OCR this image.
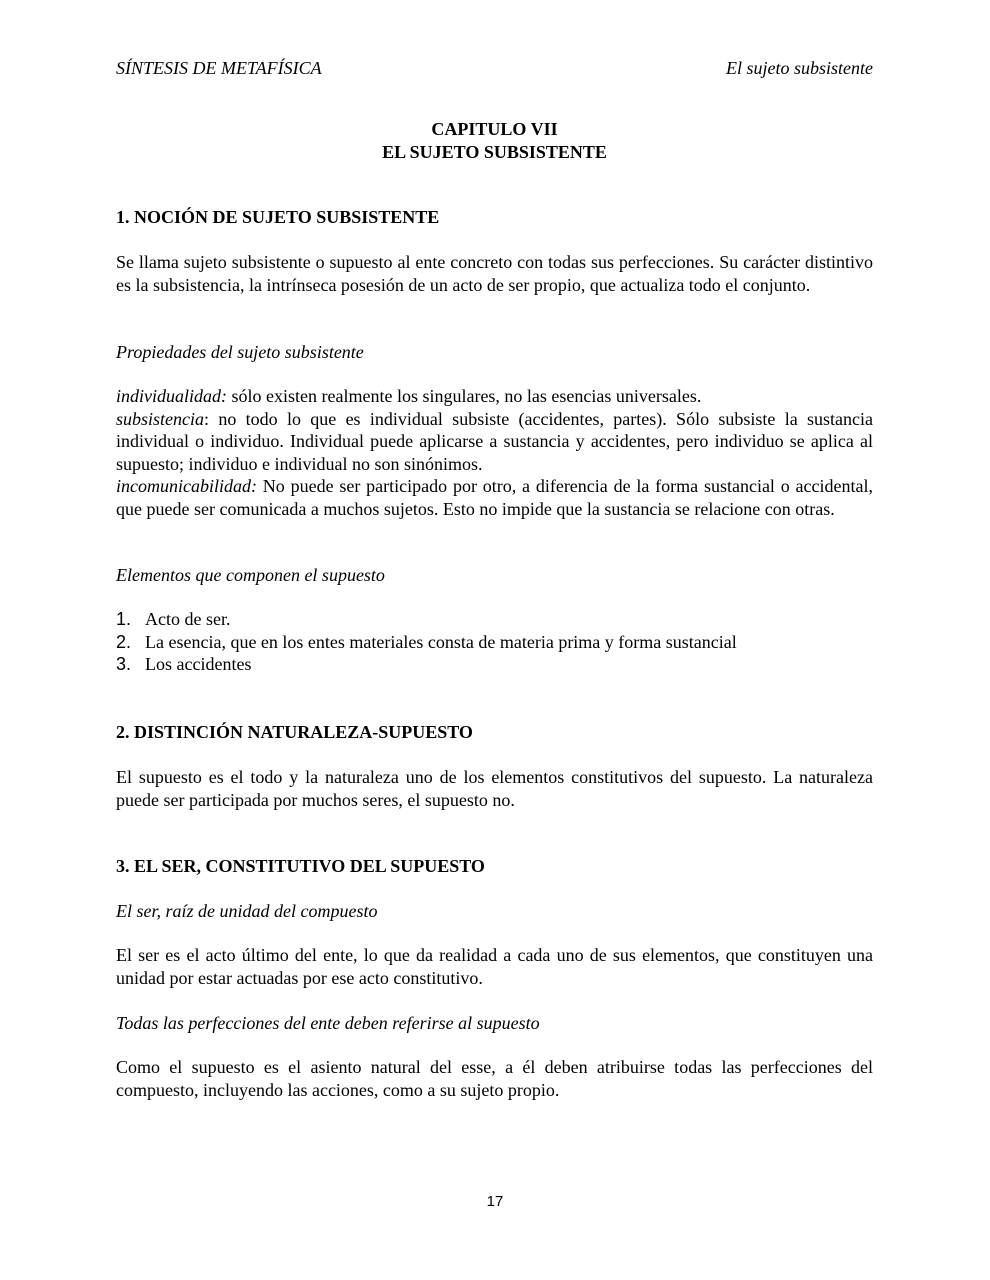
SÍNTESIS DE METAFÍSICA	El sujeto subsistente
CAPITULO VII
EL SUJETO SUBSISTENTE
1. NOCIÓN DE SUJETO SUBSISTENTE
Se llama sujeto subsistente o supuesto al ente concreto con todas sus perfecciones. Su carácter distintivo es la subsistencia, la intrínseca posesión de un acto de ser propio, que actualiza todo el conjunto.
Propiedades del sujeto subsistente
individualidad: sólo existen realmente los singulares, no las esencias universales.
subsistencia: no todo lo que es individual subsiste (accidentes, partes). Sólo subsiste la sustancia individual o individuo. Individual puede aplicarse a sustancia y accidentes, pero individuo se aplica al supuesto; individuo e individual no son sinónimos.
incomunicabilidad: No puede ser participado por otro, a diferencia de la forma sustancial o accidental, que puede ser comunicada a muchos sujetos. Esto no impide que la sustancia se relacione con otras.
Elementos que componen el supuesto
1. Acto de ser.
2. La esencia, que en los entes materiales consta de materia prima y forma sustancial
3. Los accidentes
2. DISTINCIÓN NATURALEZA-SUPUESTO
El supuesto es el todo y la naturaleza uno de los elementos constitutivos del supuesto. La naturaleza puede ser participada por muchos seres, el supuesto no.
3. EL SER, CONSTITUTIVO DEL SUPUESTO
El ser, raíz de unidad del compuesto
El ser es el acto último del ente, lo que da realidad a cada uno de sus elementos, que constituyen una unidad por estar actuadas por ese acto constitutivo.
Todas las perfecciones del ente deben referirse al supuesto
Como el supuesto es el asiento natural del esse, a él deben atribuirse todas las perfecciones del compuesto, incluyendo las acciones, como a su sujeto propio.
17
